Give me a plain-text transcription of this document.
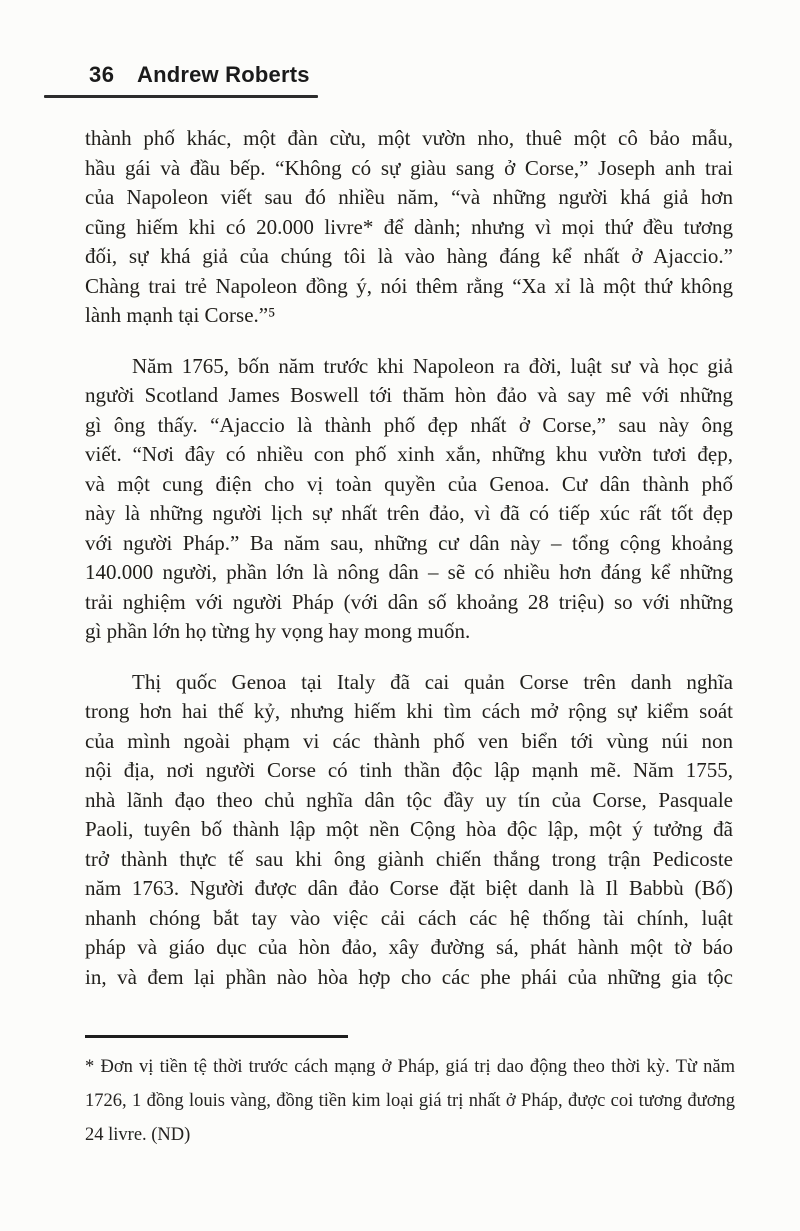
36 Andrew Roberts
thành phố khác, một đàn cừu, một vườn nho, thuê một cô bảo mẫu,
hầu gái và đầu bếp. “Không có sự giàu sang ở Corse,” Joseph anh trai
của Napoleon viết sau đó nhiều năm, “và những người khá giả hơn
cũng hiếm khi có 20.000 livre* để dành; nhưng vì mọi thứ đều tương
đối, sự khá giả của chúng tôi là vào hàng đáng kể nhất ở Ajaccio.”
Chàng trai trẻ Napoleon đồng ý, nói thêm rằng “Xa xỉ là một thứ không
lành mạnh tại Corse.”⁵
Năm 1765, bốn năm trước khi Napoleon ra đời, luật sư và học giả
người Scotland James Boswell tới thăm hòn đảo và say mê với những
gì ông thấy. “Ajaccio là thành phố đẹp nhất ở Corse,” sau này ông
viết. “Nơi đây có nhiều con phố xinh xắn, những khu vườn tươi đẹp,
và một cung điện cho vị toàn quyền của Genoa. Cư dân thành phố
này là những người lịch sự nhất trên đảo, vì đã có tiếp xúc rất tốt đẹp
với người Pháp.” Ba năm sau, những cư dân này – tổng cộng khoảng
140.000 người, phần lớn là nông dân – sẽ có nhiều hơn đáng kể những
trải nghiệm với người Pháp (với dân số khoảng 28 triệu) so với những
gì phần lớn họ từng hy vọng hay mong muốn.
Thị quốc Genoa tại Italy đã cai quản Corse trên danh nghĩa
trong hơn hai thế kỷ, nhưng hiếm khi tìm cách mở rộng sự kiểm soát
của mình ngoài phạm vi các thành phố ven biển tới vùng núi non
nội địa, nơi người Corse có tinh thần độc lập mạnh mẽ. Năm 1755,
nhà lãnh đạo theo chủ nghĩa dân tộc đầy uy tín của Corse, Pasquale
Paoli, tuyên bố thành lập một nền Cộng hòa độc lập, một ý tưởng đã
trở thành thực tế sau khi ông giành chiến thắng trong trận Pedicoste
năm 1763. Người được dân đảo Corse đặt biệt danh là Il Babbù (Bố)
nhanh chóng bắt tay vào việc cải cách các hệ thống tài chính, luật
pháp và giáo dục của hòn đảo, xây đường sá, phát hành một tờ báo
in, và đem lại phần nào hòa hợp cho các phe phái của những gia tộc
* Đơn vị tiền tệ thời trước cách mạng ở Pháp, giá trị dao động theo thời kỳ. Từ năm
1726, 1 đồng louis vàng, đồng tiền kim loại giá trị nhất ở Pháp, được coi tương đương
24 livre. (ND)
